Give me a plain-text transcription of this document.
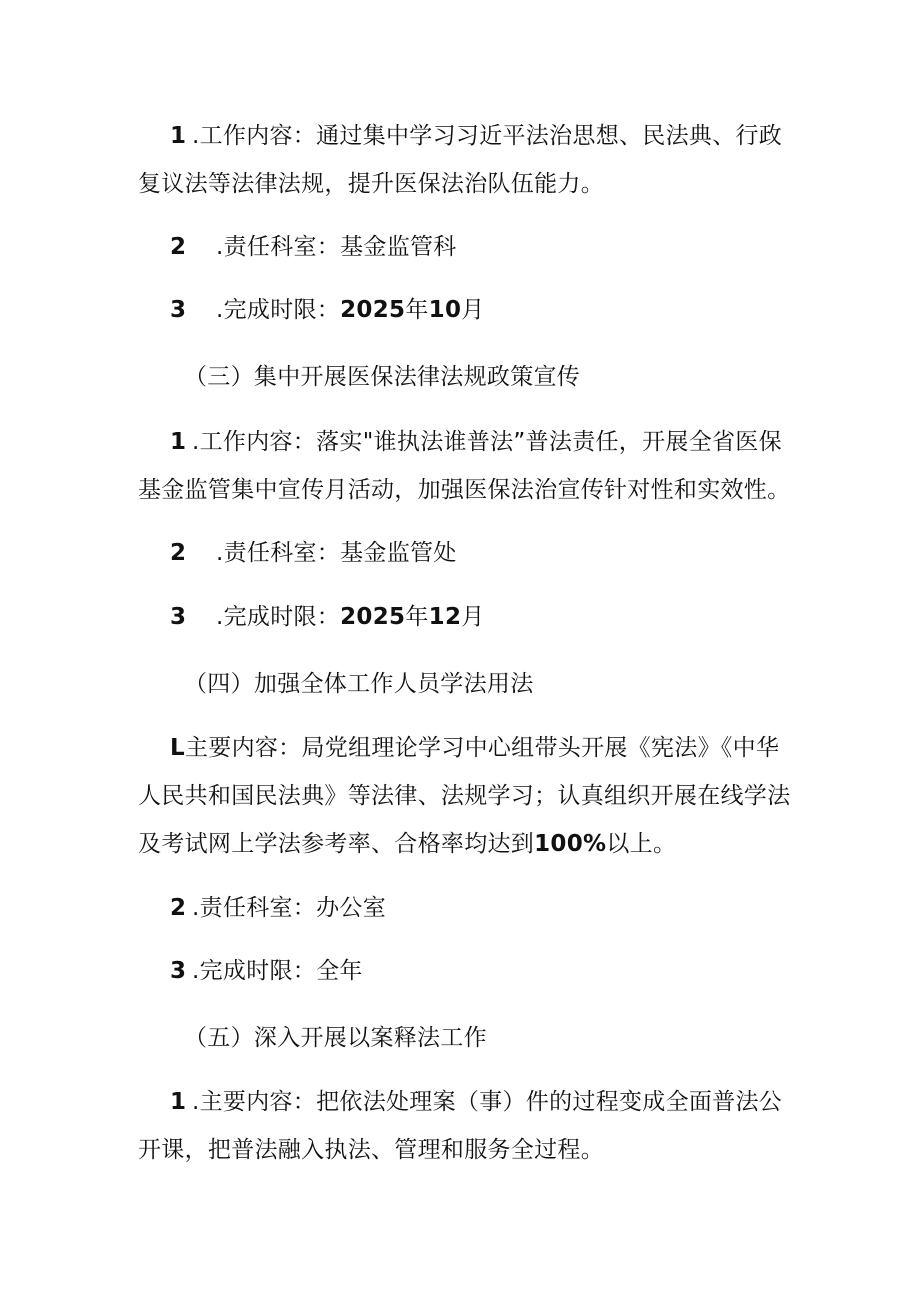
1 .工作内容：通过集中学习习近平法治思想、民法典、行政
复议法等法律法规，提升医保法治队伍能力。
2 .责任科室：基金监管科
3 .完成时限：2025年10月
（三）集中开展医保法律法规政策宣传
1 .工作内容：落实"谁执法谁普法”普法责任，开展全省医保
基金监管集中宣传月活动，加强医保法治宣传针对性和实效性。
2 .责任科室：基金监管处
3 .完成时限：2025年12月
（四）加强全体工作人员学法用法
L主要内容：局党组理论学习中心组带头开展《宪法》《中华
人民共和国民法典》等法律、法规学习；认真组织开展在线学法
及考试网上学法参考率、合格率均达到100%以上。
2 .责任科室：办公室
3 .完成时限：全年
（五）深入开展以案释法工作
1 .主要内容：把依法处理案（事）件的过程变成全面普法公
开课，把普法融入执法、管理和服务全过程。
